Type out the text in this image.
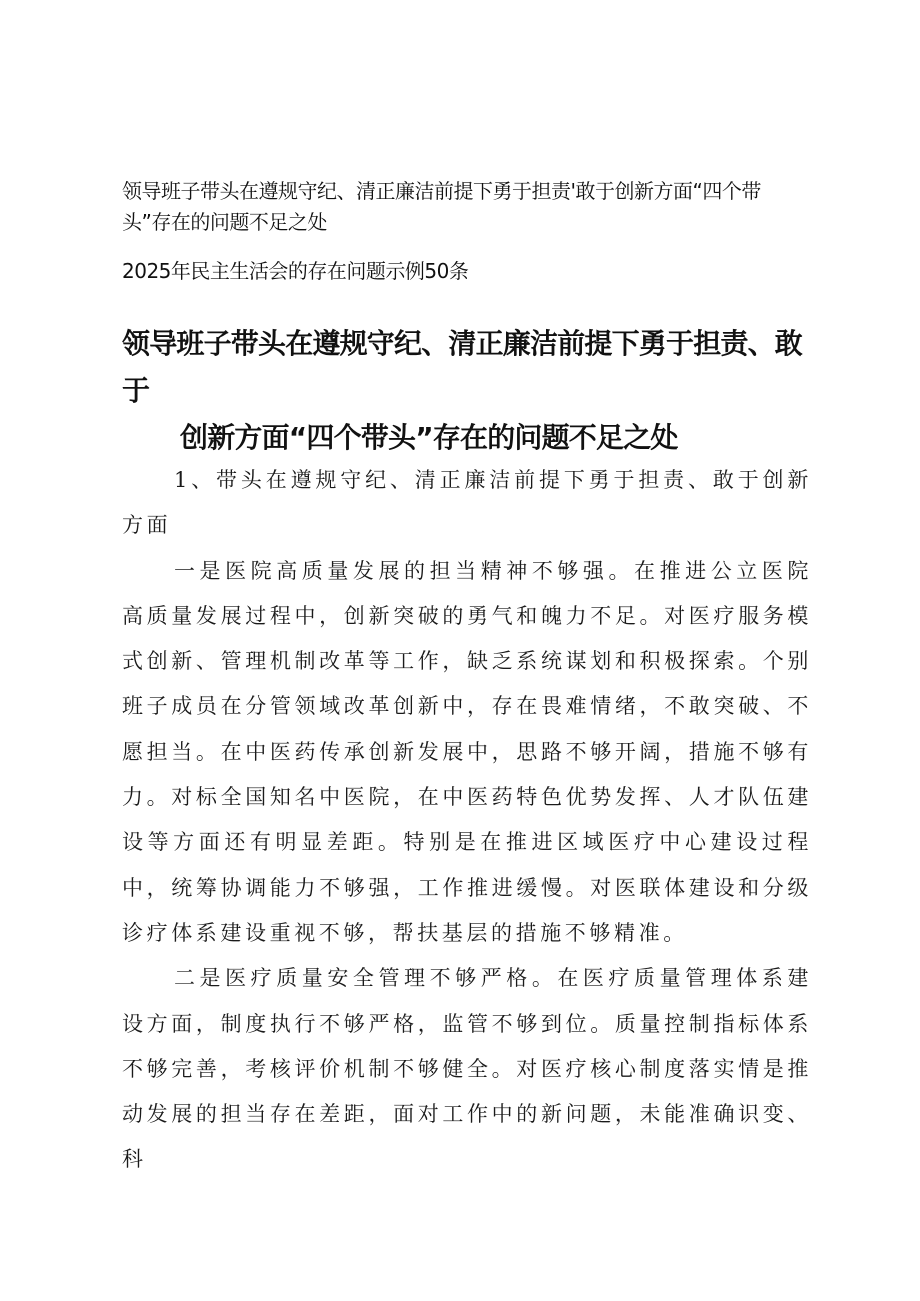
领导班子带头在遵规守纪、清正廉洁前提下勇于担责'敢于创新方面“四个带头”存在的问题不足之处
2025年民主生活会的存在问题示例50条
领导班子带头在遵规守纪、清正廉洁前提下勇于担责、敢于
创新方面“四个带头”存在的问题不足之处

1、带头在遵规守纪、清正廉洁前提下勇于担责、敢于创新方面

一是医院高质量发展的担当精神不够强。在推进公立医院高质量发展过程中，创新突破的勇气和魄力不足。对医疗服务模式创新、管理机制改革等工作，缺乏系统谋划和积极探索。个别班子成员在分管领域改革创新中，存在畏难情绪，不敢突破、不愿担当。在中医药传承创新发展中，思路不够开阔，措施不够有力。对标全国知名中医院，在中医药特色优势发挥、人才队伍建设等方面还有明显差距。特别是在推进区域医疗中心建设过程中，统筹协调能力不够强，工作推进缓慢。对医联体建设和分级诊疗体系建设重视不够，帮扶基层的措施不够精准。

二是医疗质量安全管理不够严格。在医疗质量管理体系建设方面，制度执行不够严格，监管不够到位。质量控制指标体系不够完善，考核评价机制不够健全。对医疗核心制度落实情是推动发展的担当存在差距，面对工作中的新问题，未能准确识变、科
